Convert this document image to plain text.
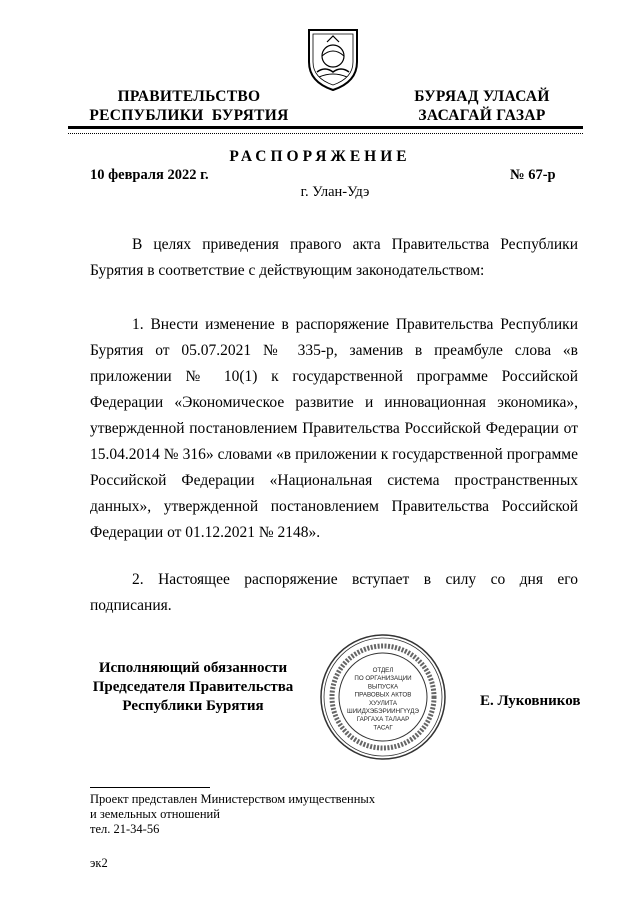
ПРАВИТЕЛЬСТВО
РЕСПУБЛИКИ  БУРЯТИЯ
БУРЯАД УЛАСАЙ
ЗАСАГАЙ ГАЗАР
РАСПОРЯЖЕНИЕ
10 февраля 2022 г.	№ 67-р
г. Улан-Удэ
В целях приведения правого акта Правительства Республики Бурятия в соответствие с действующим законодательством:
1. Внести изменение в распоряжение Правительства Республики Бурятия от 05.07.2021 № 335-р, заменив в преамбуле слова «в приложении № 10(1) к государственной программе Российской Федерации «Экономическое развитие и инновационная экономика», утвержденной постановлением Правительства Российской Федерации от 15.04.2014 № 316» словами «в приложении к государственной программе Российской Федерации «Национальная система пространственных данных», утвержденной постановлением Правительства Российской Федерации от 01.12.2021 № 2148».
2. Настоящее распоряжение вступает в силу со дня его подписания.
Исполняющий обязанности
Председателя Правительства
Республики Бурятия
ОТДЕЛ
ПО ОРГАНИЗАЦИИ
ВЫПУСКА
ПРАВОВЫХ АКТОВ
ХУУЛИТА
ШИИДХЭБЭРИИНГҮҮДЭ
ГАРГАХА ТАЛААР
ТАСАГ
Е. Луковников
Проект представлен Министерством имущественных
и земельных отношений
тел. 21-34-56
эк2
